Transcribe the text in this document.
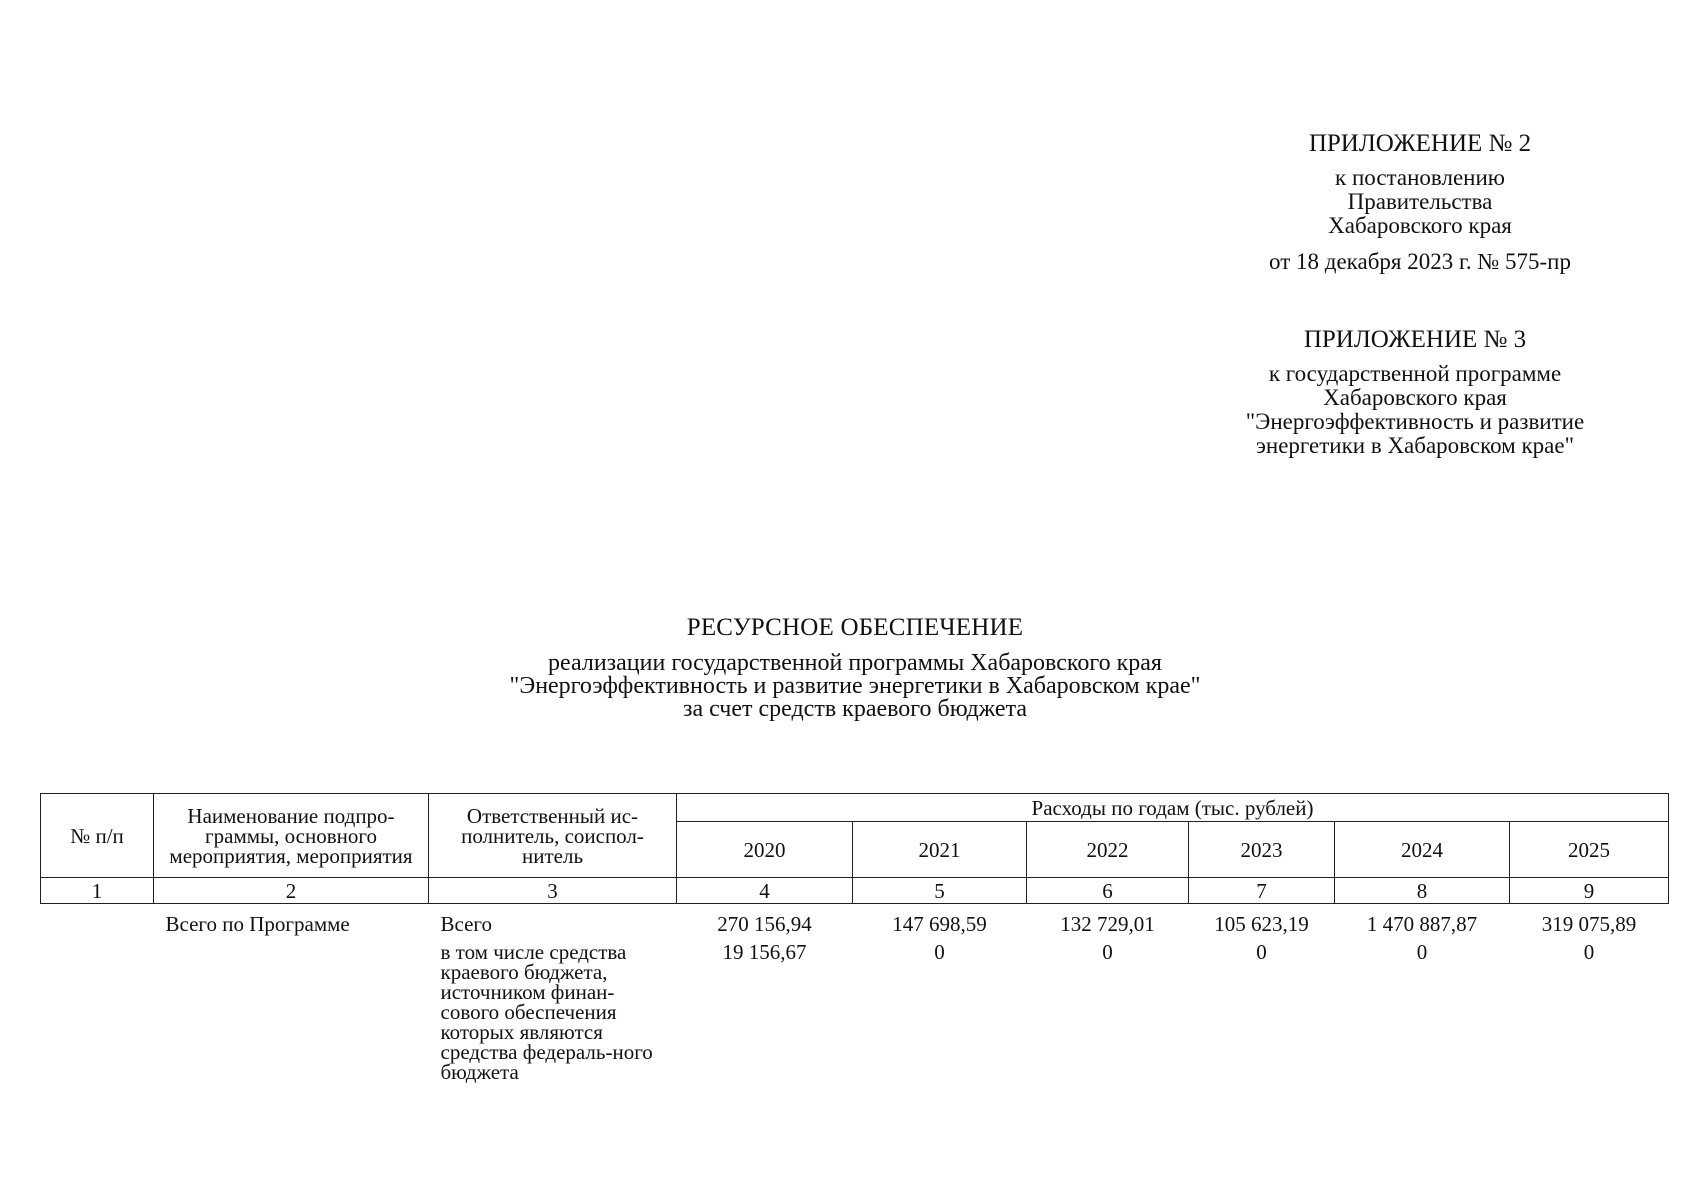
ПРИЛОЖЕНИЕ № 2
к постановлению
Правительства
Хабаровского края
от 18 декабря 2023 г. № 575-пр
ПРИЛОЖЕНИЕ № 3
к государственной программе
Хабаровского края
"Энергоэффективность и развитие
энергетики в Хабаровском крае"
РЕСУРСНОЕ ОБЕСПЕЧЕНИЕ
реализации государственной программы Хабаровского края
"Энергоэффективность и развитие энергетики в Хабаровском крае"
за счет средств краевого бюджета
№ п/п	Наименование подпро-граммы, основного мероприятия, мероприятия	Ответственный ис-полнитель, соиспол-нитель	Расходы по годам (тыс. рублей)					
			2020	2021	2022	2023	2024	2025
1	2	3	4	5	6	7	8	9
	Всего по Программе	Всего	270 156,94	147 698,59	132 729,01	105 623,19	1 470 887,87	319 075,89
		в том числе средства краевого бюджета, источником финан-сового обеспечения которых являются средства федераль-ного бюджета	19 156,67	0	0	0	0	0
